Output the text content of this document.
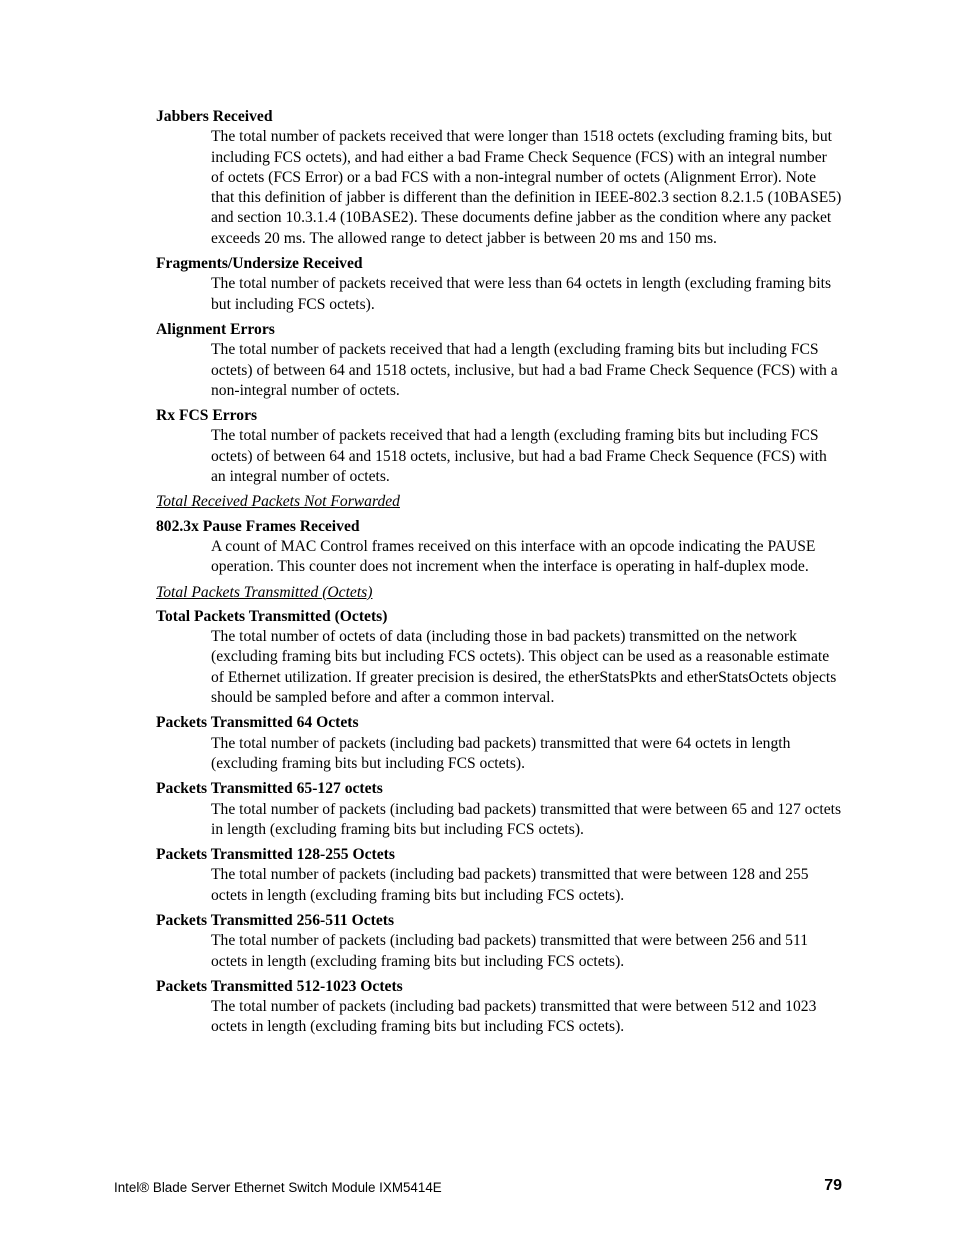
Jabbers Received
The total number of packets received that were longer than 1518 octets (excluding framing bits, but including FCS octets), and had either a bad Frame Check Sequence (FCS) with an integral number of octets (FCS Error) or a bad FCS with a non-integral number of octets (Alignment Error). Note that this definition of jabber is different than the definition in IEEE-802.3 section 8.2.1.5 (10BASE5) and section 10.3.1.4 (10BASE2). These documents define jabber as the condition where any packet exceeds 20 ms. The allowed range to detect jabber is between 20 ms and 150 ms.
Fragments/Undersize Received
The total number of packets received that were less than 64 octets in length (excluding framing bits but including FCS octets).
Alignment Errors
The total number of packets received that had a length (excluding framing bits but including FCS octets) of between 64 and 1518 octets, inclusive, but had a bad Frame Check Sequence (FCS) with a non-integral number of octets.
Rx FCS Errors
The total number of packets received that had a length (excluding framing bits but including FCS octets) of between 64 and 1518 octets, inclusive, but had a bad Frame Check Sequence (FCS) with an integral number of octets.
Total Received Packets Not Forwarded
802.3x Pause Frames Received
A count of MAC Control frames received on this interface with an opcode indicating the PAUSE operation. This counter does not increment when the interface is operating in half-duplex mode.
Total Packets Transmitted (Octets)
Total Packets Transmitted (Octets)
The total number of octets of data (including those in bad packets) transmitted on the network (excluding framing bits but including FCS octets). This object can be used as a reasonable estimate of Ethernet utilization. If greater precision is desired, the etherStatsPkts and etherStatsOctets objects should be sampled before and after a common interval.
Packets Transmitted 64 Octets
The total number of packets (including bad packets) transmitted that were 64 octets in length (excluding framing bits but including FCS octets).
Packets Transmitted 65-127 octets
The total number of packets (including bad packets) transmitted that were between 65 and 127 octets in length (excluding framing bits but including FCS octets).
Packets Transmitted 128-255 Octets
The total number of packets (including bad packets) transmitted that were between 128 and 255 octets in length (excluding framing bits but including FCS octets).
Packets Transmitted 256-511 Octets
The total number of packets (including bad packets) transmitted that were between 256 and 511 octets in length (excluding framing bits but including FCS octets).
Packets Transmitted 512-1023 Octets
The total number of packets (including bad packets) transmitted that were between 512 and 1023 octets in length (excluding framing bits but including FCS octets).
Intel® Blade Server Ethernet Switch Module IXM5414E	79
